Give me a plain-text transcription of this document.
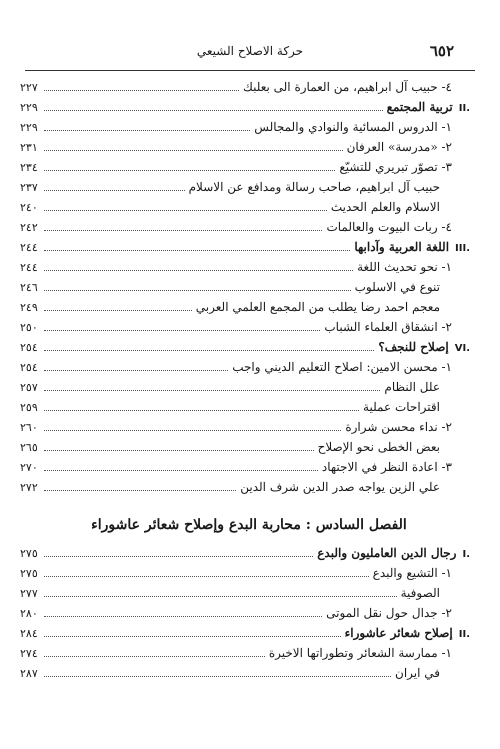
٦٥٢
حركة الاصلاح الشيعي
٤- حبيب آل ابراهيم، من العمارة الى بعلبك
٢٢٧
II.
تربية المجتمع
٢٢٩
١- الدروس المسائية والنوادي والمجالس
٢٢٩
٢- «مدرسة» العرفان
٢٣١
٣- تصوّر تبريري للتشيّع
٢٣٤
حبيب آل ابراهيم، صاحب رسالة ومدافع عن الاسلام
٢٣٧
الاسلام والعلم الحديث
٢٤٠
٤- ربات البيوت والعالمات
٢٤٢
III.
اللغة العربية وآدابها
٢٤٤
١- نحو تحديث اللغة
٢٤٤
تنوع في الاسلوب
٢٤٦
معجم احمد رضا يطلب من المجمع العلمي العربي
٢٤٩
٢- انشقاق العلماء الشباب
٢٥٠
VI.
إصلاح للنجف؟
٢٥٤
١- محسن الامين: اصلاح التعليم الديني واجب
٢٥٤
علل النظام
٢٥٧
اقتراحات عملية
٢٥٩
٢- نداء محسن شرارة
٢٦٠
بعض الخطى نحو الإصلاح
٢٦٥
٣- اعادة النظر في الاجتهاد
٢٧٠
علي الزين يواجه صدر الدين شرف الدين
٢٧٢
الفصل السادس : محاربة البدع وإصلاح شعائر عاشوراء
I.
رجال الدين العامليون والبدع
٢٧٥
١- التشيع والبدع
٢٧٥
الصوفية
٢٧٧
٢- جدال حول نقل الموتى
٢٨٠
II.
إصلاح شعائر عاشوراء
٢٨٤
١- ممارسة الشعائر وتطوراتها الاخيرة
٢٧٤
في ايران
٢٨٧
